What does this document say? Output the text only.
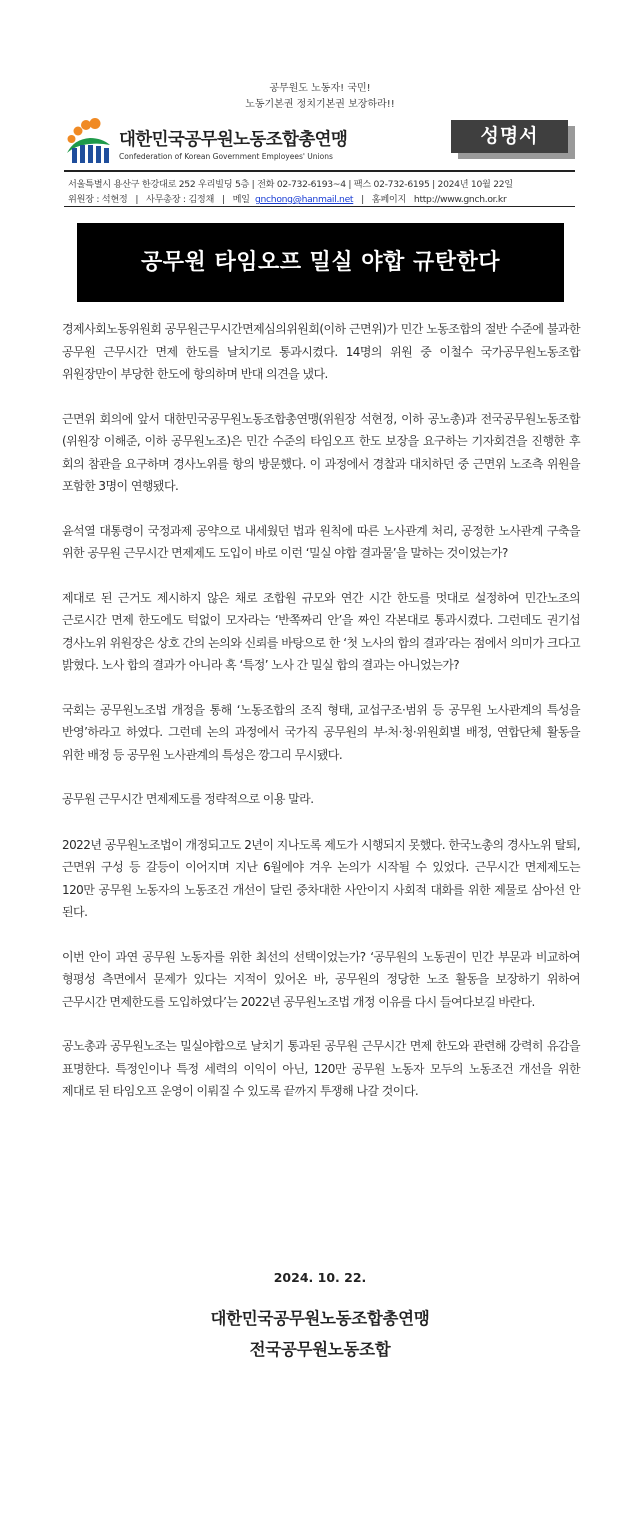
공무원도 노동자! 국민!
노동기본권 정치기본권 보장하라!!
대한민국공무원노동조합총연맹
Confederation of Korean Government Employees' Unions
성명서
서울특별시 용산구 한강대로 252 우리빌딩 5층 | 전화 02-732-6193~4 | 팩스 02-732-6195 | 2024년 10월 22일
위원장 : 석현정   |   사무총장 : 김정채   |   메일  gnchong@hanmail.net   |   홈페이지   http://www.gnch.or.kr
공무원 타임오프 밀실 야합 규탄한다

경제사회노동위원회 공무원근무시간면제심의위원회(이하 근면위)가 민간 노동조합의 절반 수준에 불과한 공무원 근무시간 면제 한도를 날치기로 통과시켰다. 14명의 위원 중 이철수 국가공무원노동조합 위원장만이 부당한 한도에 항의하며 반대 의견을 냈다.

근면위 회의에 앞서 대한민국공무원노동조합총연맹(위원장 석현정, 이하 공노총)과 전국공무원노동조합(위원장 이해준, 이하 공무원노조)은 민간 수준의 타임오프 한도 보장을 요구하는 기자회견을 진행한 후 회의 참관을 요구하며 경사노위를 항의 방문했다. 이 과정에서 경찰과 대치하던 중 근면위 노조측 위원을 포함한 3명이 연행됐다.

윤석열 대통령이 국정과제 공약으로 내세웠던 법과 원칙에 따른 노사관계 처리, 공정한 노사관계 구축을 위한 공무원 근무시간 면제제도 도입이 바로 이런 ‘밀실 야합 결과물’을 말하는 것이었는가?

제대로 된 근거도 제시하지 않은 채로 조합원 규모와 연간 시간 한도를 멋대로 설정하여 민간노조의 근로시간 면제 한도에도 턱없이 모자라는 ‘반쪽짜리 안’을 짜인 각본대로 통과시켰다. 그런데도 권기섭 경사노위 위원장은 상호 간의 논의와 신뢰를 바탕으로 한 ‘첫 노사의 합의 결과’라는 점에서 의미가 크다고 밝혔다. 노사 합의 결과가 아니라 혹 ‘특정’ 노사 간 밀실 합의 결과는 아니었는가?

국회는 공무원노조법 개정을 통해 ‘노동조합의 조직 형태, 교섭구조·범위 등 공무원 노사관계의 특성을 반영’하라고 하였다. 그런데 논의 과정에서 국가직 공무원의 부·처·청·위원회별 배정, 연합단체 활동을 위한 배정 등 공무원 노사관계의 특성은 깡그리 무시됐다.

공무원 근무시간 면제제도를 정략적으로 이용 말라.

2022년 공무원노조법이 개정되고도 2년이 지나도록 제도가 시행되지 못했다. 한국노총의 경사노위 탈퇴, 근면위 구성 등 갈등이 이어지며 지난 6월에야 겨우 논의가 시작될 수 있었다. 근무시간 면제제도는 120만 공무원 노동자의 노동조건 개선이 달린 중차대한 사안이지 사회적 대화를 위한 제물로 삼아선 안 된다.

이번 안이 과연 공무원 노동자를 위한 최선의 선택이었는가? ‘공무원의 노동권이 민간 부문과 비교하여 형평성 측면에서 문제가 있다는 지적이 있어온 바, 공무원의 정당한 노조 활동을 보장하기 위하여 근무시간 면제한도를 도입하였다’는 2022년 공무원노조법 개정 이유를 다시 들여다보길 바란다.

공노총과 공무원노조는 밀실야합으로 날치기 통과된 공무원 근무시간 면제 한도와 관련해 강력히 유감을 표명한다. 특정인이나 특정 세력의 이익이 아닌, 120만 공무원 노동자 모두의 노동조건 개선을 위한 제대로 된 타임오프 운영이 이뤄질 수 있도록 끝까지 투쟁해 나갈 것이다.

2024. 10. 22.
대한민국공무원노동조합총연맹
전국공무원노동조합
